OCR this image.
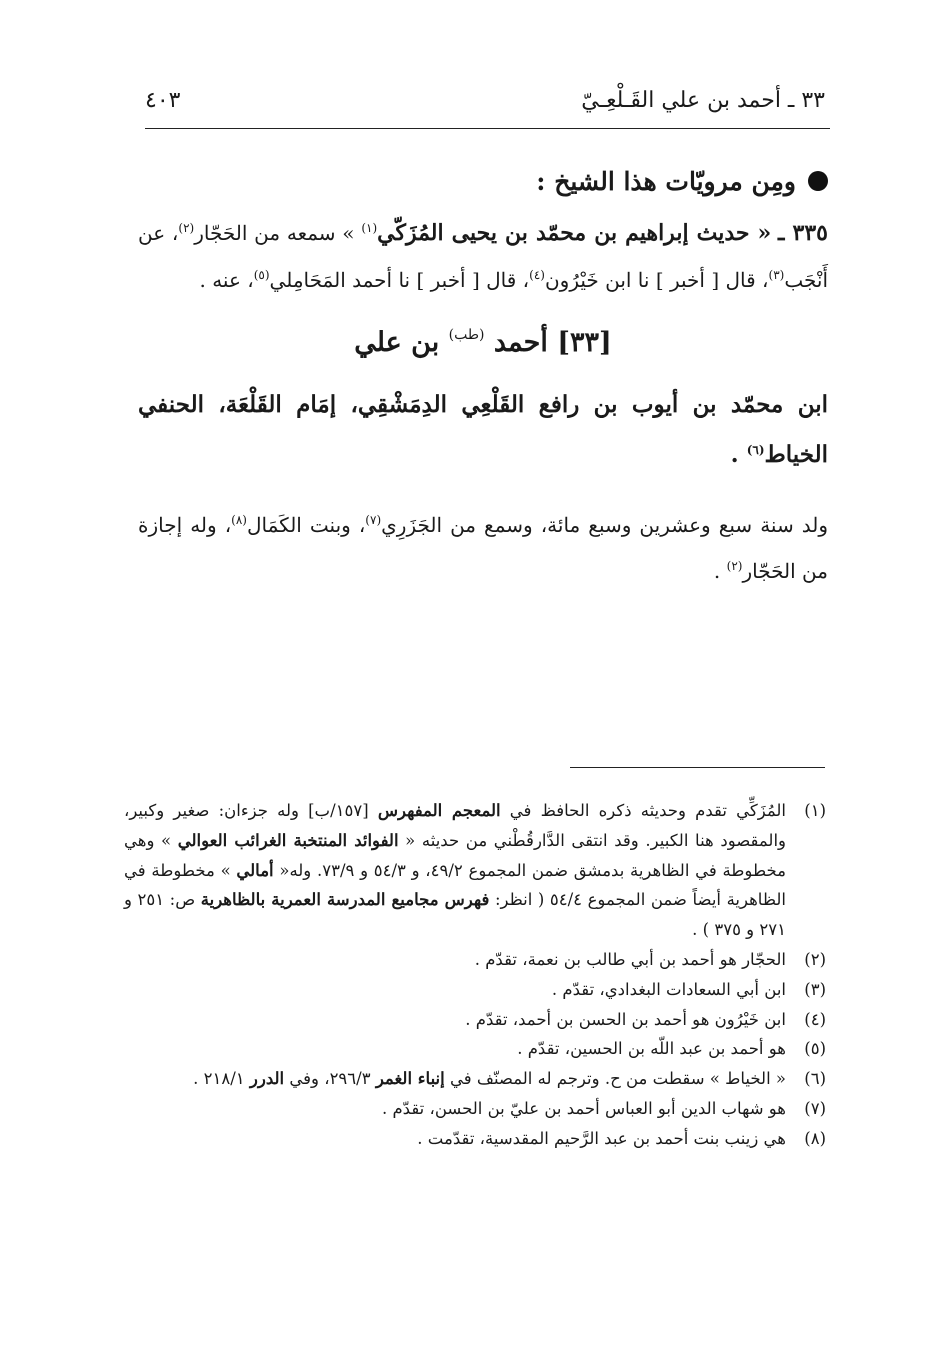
٣٣ ـ أحمد بن علي القَـلْعِـيّ
٤٠٣
ومِن مرويّات هذا الشيخ :

٣٣٥ ـ « حديث إبراهيم بن محمّد بن يحيى المُزَكّي$^{(١)}$ » سمعه من الحَجّار$^{(٢)}$، عن أَنْجَب$^{(٣)}$، قال [ أخبر ] نا ابن خَيْرُون$^{(٤)}$، قال [ أخبر ] نا أحمد المَحَامِلي$^{(٥)}$، عنه .

[٣٣] أحمد $^{(طب)}$ بن علي

ابن محمّد بن أيوب بن رافع القَلْعِي الدِمَشْقِي، إمَام القَلْعَة، الحنفي الخياط$^{(٦)}$ .

ولد سنة سبع وعشرين وسبع مائة، وسمع من الجَزَرِي$^{(٧)}$، وبنت الكَمَال$^{(٨)}$، وله إجازة من الحَجّار$^{(٢)}$ .

(١)
المُزَكِّي تقدم وحديثه ذكره الحافظ في المعجم المفهرس [١٥٧/ب] وله جزءان: صغير وكبير، والمقصود هنا الكبير. وقد انتقى الدَّارقُطْني من حديثه « الفوائد المنتخبة الغرائب العوالي » وهي مخطوطة في الظاهرية بدمشق ضمن المجموع ٤٩/٢، و ٥٤/٣ و ٧٣/٩. وله« أمالي » مخطوطة في الظاهرية أيضاً ضمن المجموع ٥٤/٤ ( انظر: فهرس مجاميع المدرسة العمرية بالظاهرية ص: ٢٥١ و ٢٧١ و ٣٧٥ ) .
(٢)
الحجّار هو أحمد بن أبي طالب بن نعمة، تقدّم .
(٣)
ابن أبي السعادات البغدادي، تقدّم .
(٤)
ابن خَيْرُون هو أحمد بن الحسن بن أحمد، تقدّم .
(٥)
هو أحمد بن عبد اللّه بن الحسين، تقدّم .
(٦)
« الخياط » سقطت من ح. وترجم له المصنّف في إنباء الغمر ٢٩٦/٣، وفي الدرر ٢١٨/١ .
(٧)
هو شهاب الدين أبو العباس أحمد بن عليّ بن الحسن، تقدّم .
(٨)
هي زينب بنت أحمد بن عبد الرَّحيم المقدسية، تقدّمت .
